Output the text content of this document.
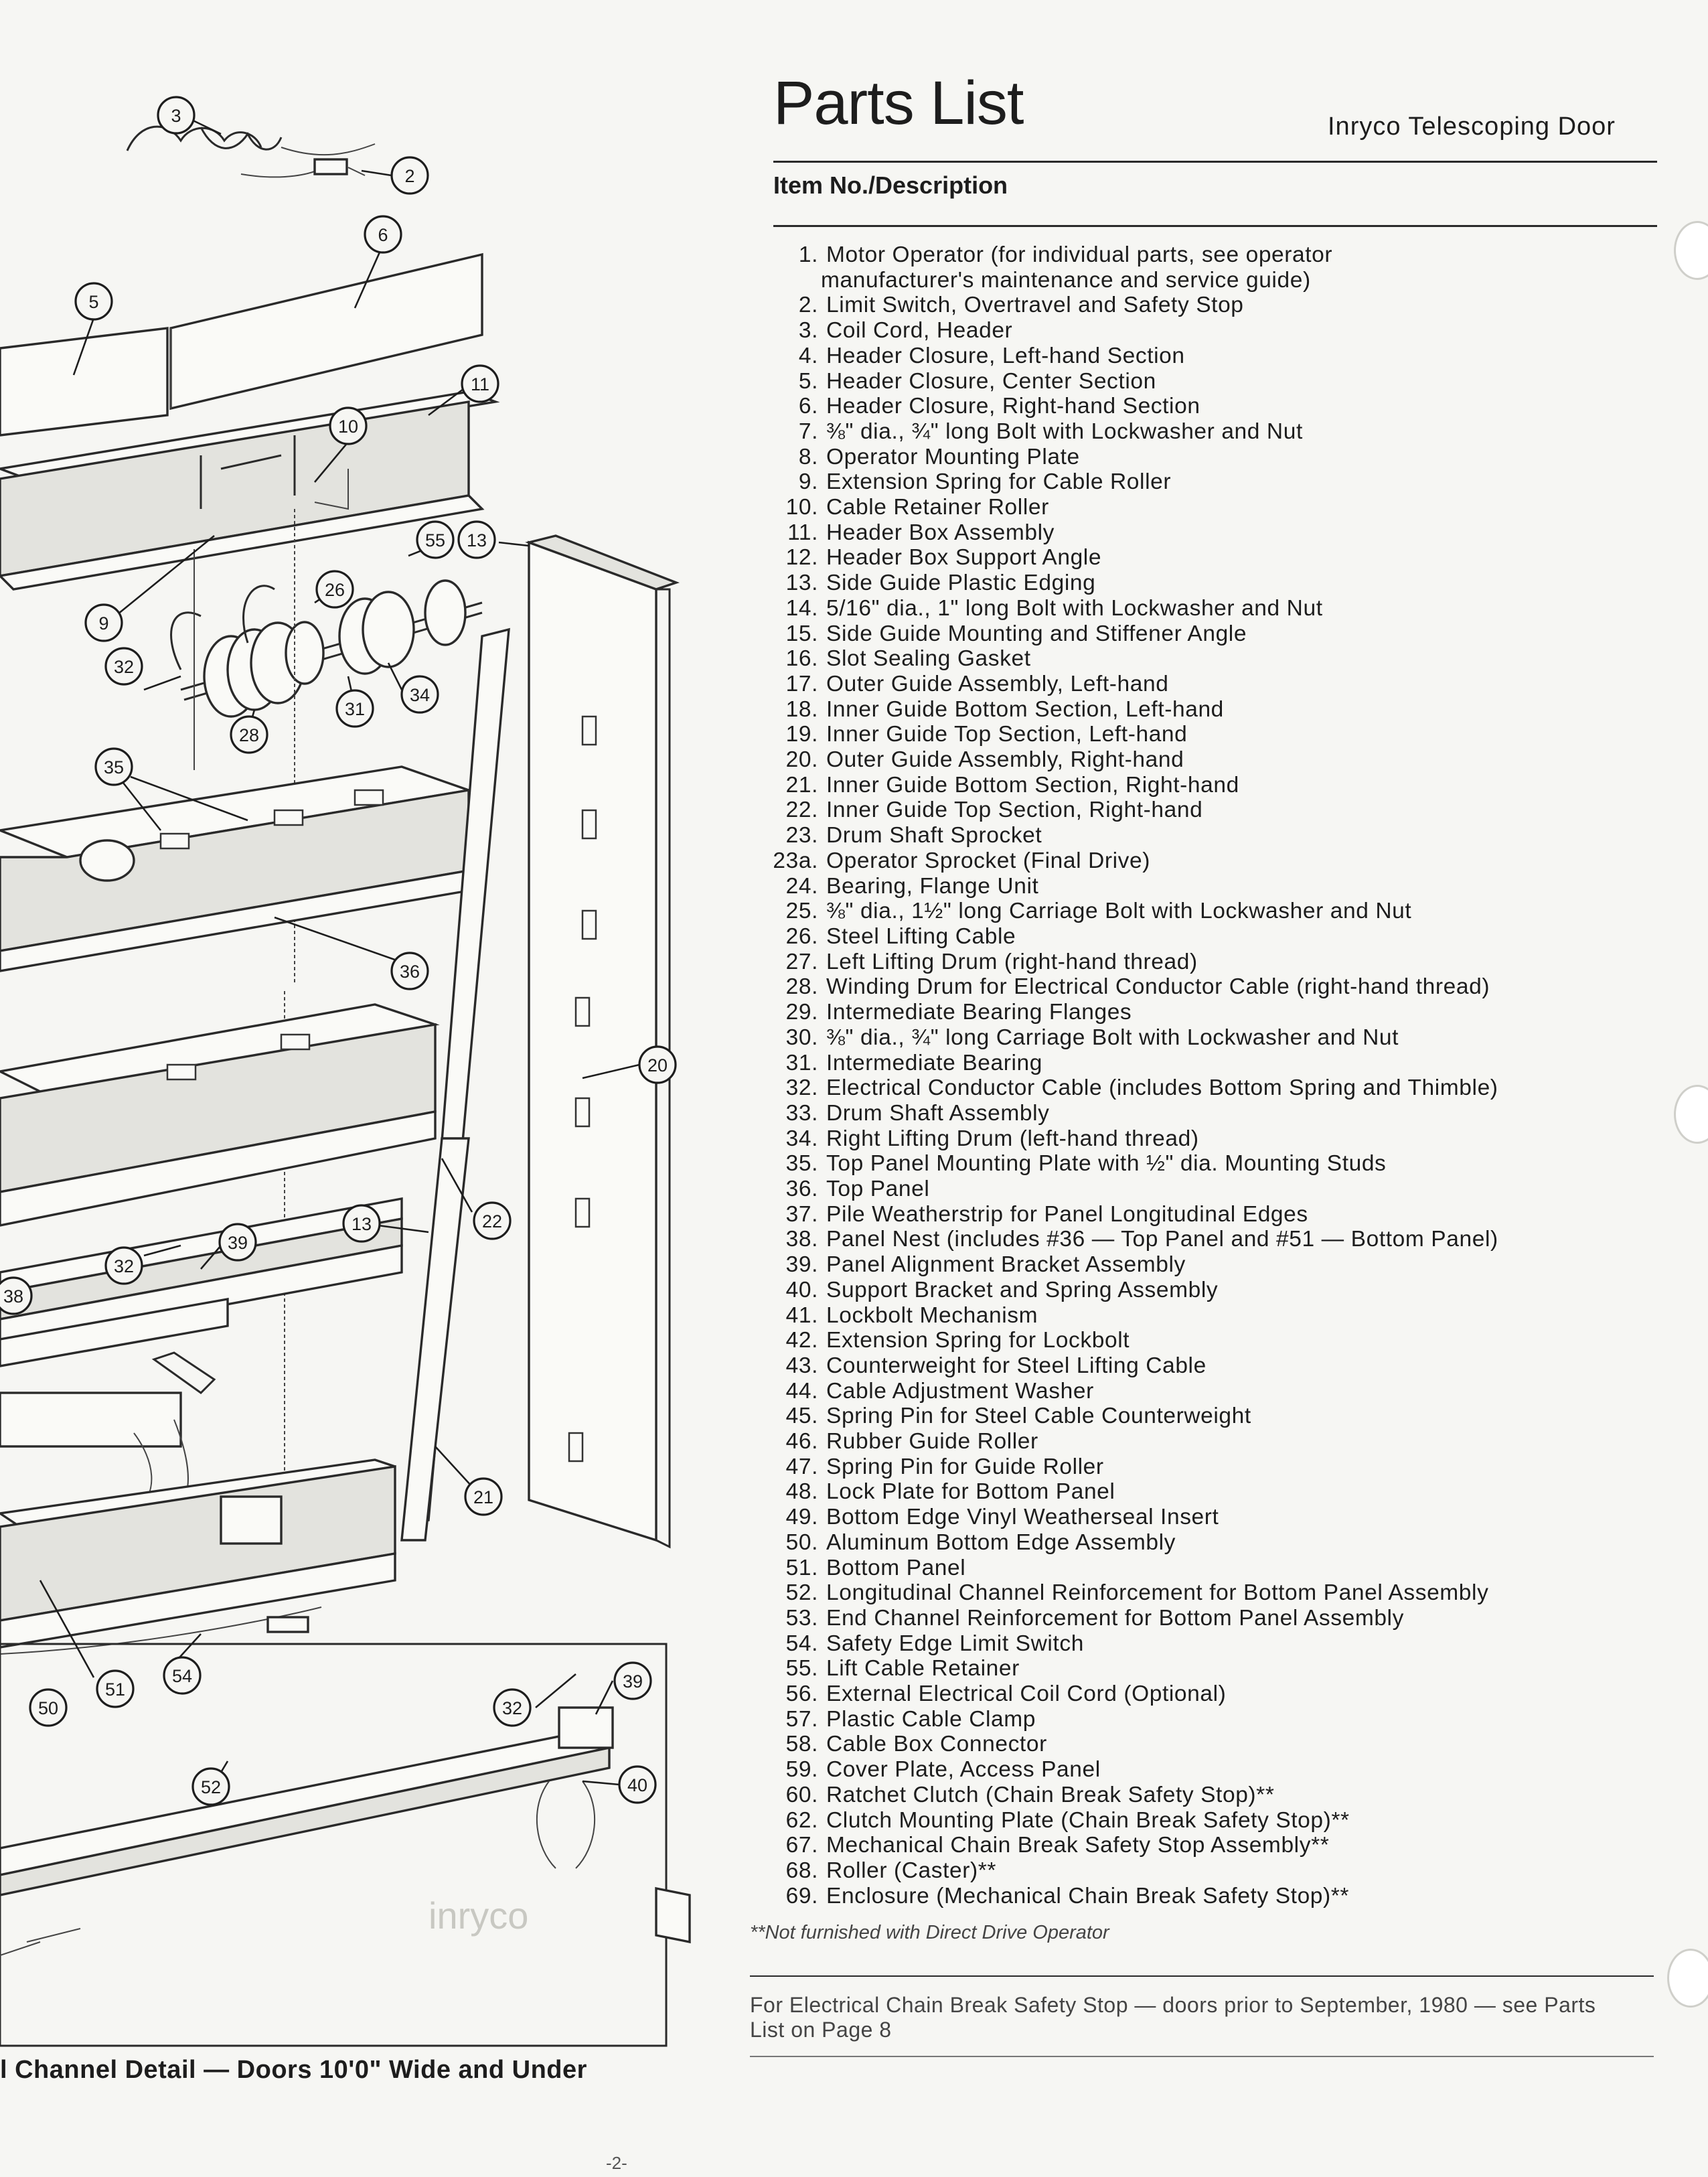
inryco
3
2
6
5
11
10
55 13
26
9
32
34
31
28
35
36
20
22
13
39
32
38
21
54
51
50	32
39
52	40
l Channel Detail — Doors 10'0" Wide and Under
-2-
Parts List	Inryco Telescoping Door
Item No./Description
1. Motor Operator (for individual parts, see operator
manufacturer's maintenance and service guide)
2. Limit Switch, Overtravel and Safety Stop
3. Coil Cord, Header
4. Header Closure, Left-hand Section
5. Header Closure, Center Section
6. Header Closure, Right-hand Section
7. ⅜" dia., ¾" long Bolt with Lockwasher and Nut
8. Operator Mounting Plate
9. Extension Spring for Cable Roller
10. Cable Retainer Roller
11. Header Box Assembly
12. Header Box Support Angle
13. Side Guide Plastic Edging
14. 5/16" dia., 1" long Bolt with Lockwasher and Nut
15. Side Guide Mounting and Stiffener Angle
16. Slot Sealing Gasket
17. Outer Guide Assembly, Left-hand
18. Inner Guide Bottom Section, Left-hand
19. Inner Guide Top Section, Left-hand
20. Outer Guide Assembly, Right-hand
21. Inner Guide Bottom Section, Right-hand
22. Inner Guide Top Section, Right-hand
23. Drum Shaft Sprocket
23a. Operator Sprocket (Final Drive)
24. Bearing, Flange Unit
25. ⅜" dia., 1½" long Carriage Bolt with Lockwasher and Nut
26. Steel Lifting Cable
27. Left Lifting Drum (right-hand thread)
28. Winding Drum for Electrical Conductor Cable (right-hand thread)
29. Intermediate Bearing Flanges
30. ⅜" dia., ¾" long Carriage Bolt with Lockwasher and Nut
31. Intermediate Bearing
32. Electrical Conductor Cable (includes Bottom Spring and Thimble)
33. Drum Shaft Assembly
34. Right Lifting Drum (left-hand thread)
35. Top Panel Mounting Plate with ½" dia. Mounting Studs
36. Top Panel
37. Pile Weatherstrip for Panel Longitudinal Edges
38. Panel Nest (includes #36 — Top Panel and #51 — Bottom Panel)
39. Panel Alignment Bracket Assembly
40. Support Bracket and Spring Assembly
41. Lockbolt Mechanism
42. Extension Spring for Lockbolt
43. Counterweight for Steel Lifting Cable
44. Cable Adjustment Washer
45. Spring Pin for Steel Cable Counterweight
46. Rubber Guide Roller
47. Spring Pin for Guide Roller
48. Lock Plate for Bottom Panel
49. Bottom Edge Vinyl Weatherseal Insert
50. Aluminum Bottom Edge Assembly
51. Bottom Panel
52. Longitudinal Channel Reinforcement for Bottom Panel Assembly
53. End Channel Reinforcement for Bottom Panel Assembly
54. Safety Edge Limit Switch
55. Lift Cable Retainer
56. External Electrical Coil Cord (Optional)
57. Plastic Cable Clamp
58. Cable Box Connector
59. Cover Plate, Access Panel
60. Ratchet Clutch (Chain Break Safety Stop)**
62. Clutch Mounting Plate (Chain Break Safety Stop)**
67. Mechanical Chain Break Safety Stop Assembly**
68. Roller (Caster)**
69. Enclosure (Mechanical Chain Break Safety Stop)**
**Not furnished with Direct Drive Operator
For Electrical Chain Break Safety Stop — doors prior to September, 1980 — see Parts List on Page 8
